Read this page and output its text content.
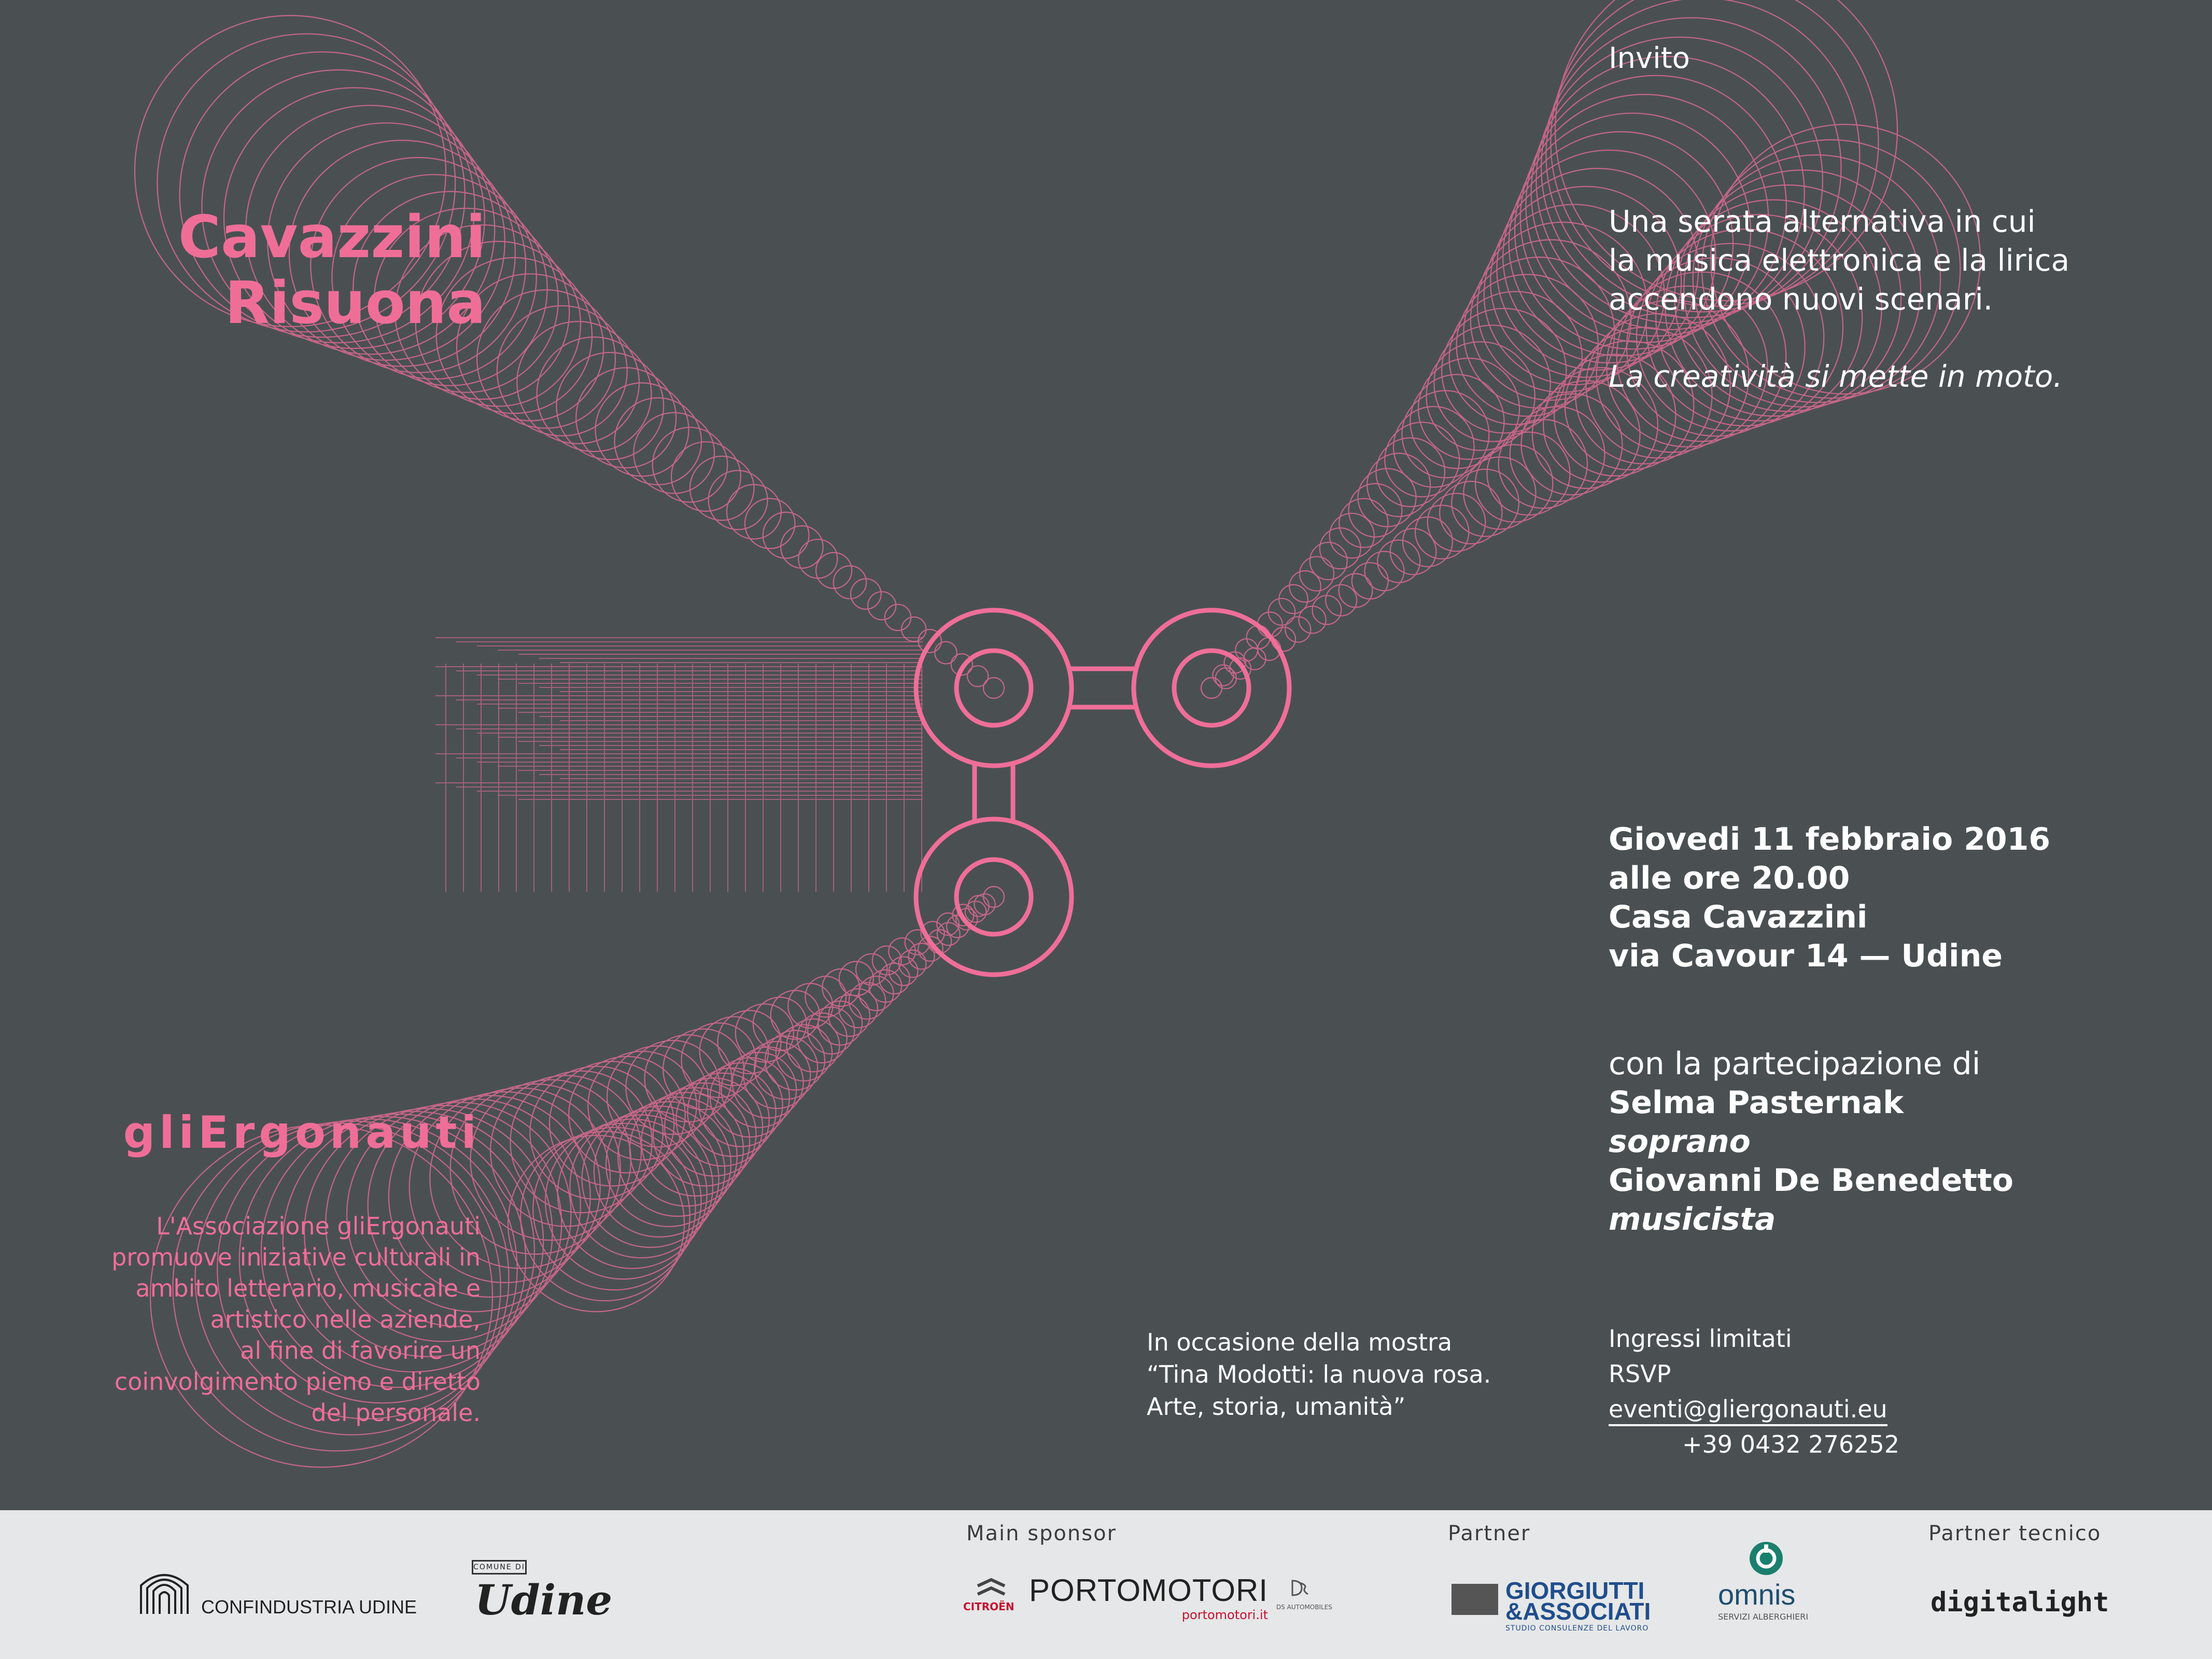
Invito

Cavazzini
Risuona
Una serata alternativa in cui
la musica elettronica e la lirica
accendono nuovi scenari.

La creatività si mette in moto.

Giovedi 11 febbraio 2016
alle ore 20.00
Casa Cavazzini
via Cavour 14 — Udine
con la partecipazione di
Selma Pasternak
soprano
Giovanni De Benedetto
musicista

gliErgonauti

L'Associazione gliErgonauti
promuove iniziative culturali in
ambito letterario, musicale e
artistico nelle aziende,
al fine di favorire un
coinvolgimento pieno e diretto
del personale.
In occasione della mostra
“Tina Modotti: la nuova rosa.
Arte, storia, umanità”
Ingressi limitati
RSVP
eventi@gliergonauti.eu
+39 0432 276252

Main sponsor	Partner	Partner tecnico

CONFINDUSTRIA UDINE
COMUNE DI
Udine	CITROËN PORTOMOTORI
portomotori.it
DS AUTOMOBILES
GIORGIUTTI
&ASSOCIATI
STUDIO CONSULENZE DEL LAVORO
omnis
SERVIZI ALBERGHIERI	digitalight
